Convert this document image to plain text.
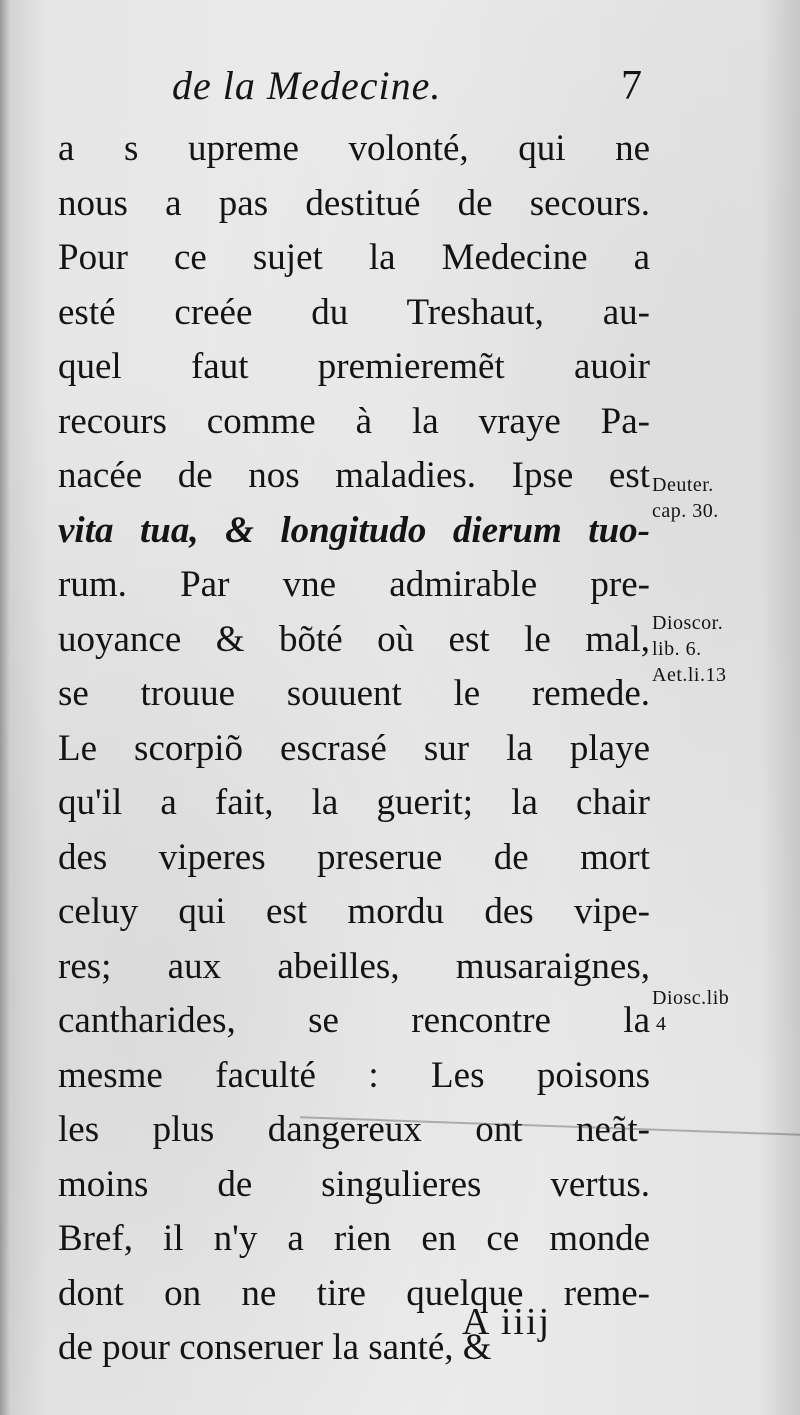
de la Medecine.	7
a s upreme volonté, qui ne
nous a pas destitué de secours.
Pour ce sujet la Medecine a
esté creée du Treshaut, au-
quel faut premieremẽt auoir
recours comme à la vraye Pa-
nacée de nos maladies. Ipse est
vita tua, & longitudo dierum tuo-
rum. Par vne admirable pre-
uoyance & bõté où est le mal,
se trouue souuent le remede.
Le scorpiõ escrasé sur la playe
qu'il a fait, la guerit; la chair
des viperes preserue de mort
celuy qui est mordu des vipe-
res; aux abeilles, musaraignes,
cantharides, se rencontre la
mesme faculté : Les poisons
les plus dangereux ont neãt-
moins de singulieres vertus.
Bref, il n'y a rien en ce monde
dont on ne tire quelque reme-
de pour conseruer la santé, &
Deuter.
cap. 30.
Dioscor.
lib. 6.
Aet.li.13
Diosc.lib
4
A iiij
